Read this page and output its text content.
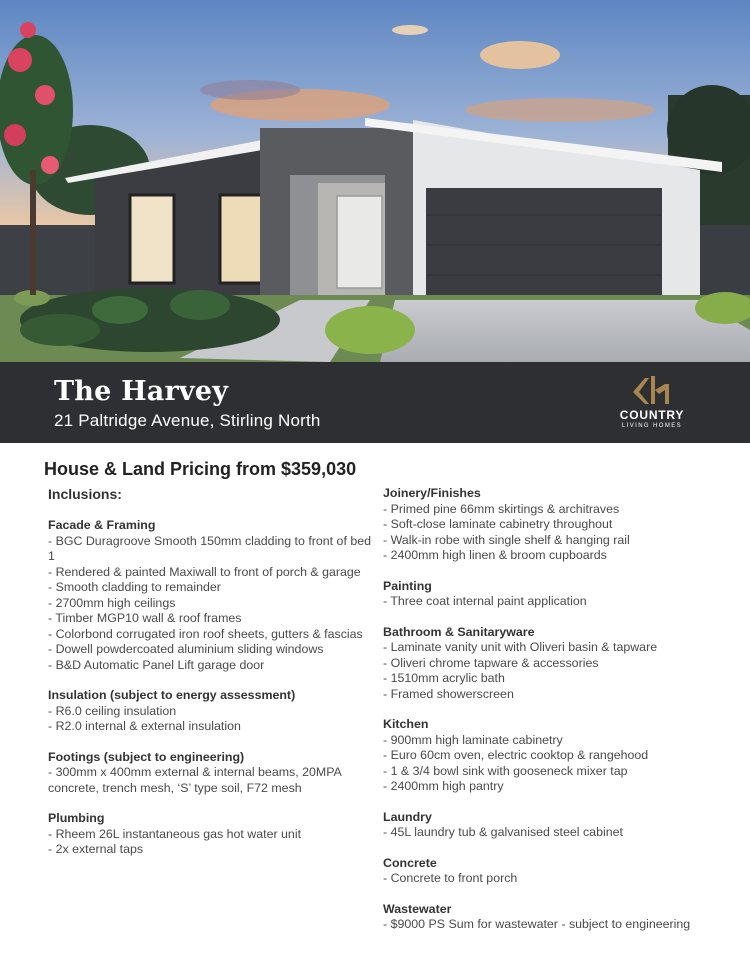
The Harvey

21 Paltridge Avenue, Stirling North	COUNTRY
LIVING HOMES
House & Land Pricing from $359,030

Inclusions:

Facade & Framing

- BGC Duragroove Smooth 150mm cladding to front of bed 1
- Rendered & painted Maxiwall to front of porch & garage
- Smooth cladding to remainder
- 2700mm high ceilings
- Timber MGP10 wall & roof frames
- Colorbond corrugated iron roof sheets, gutters & fascias
- Dowell powdercoated aluminium sliding windows
- B&D Automatic Panel Lift garage door

Insulation (subject to energy assessment)

- R6.0 ceiling insulation
- R2.0 internal & external insulation

Footings (subject to engineering)

- 300mm x 400mm external & internal beams, 20MPA concrete, trench mesh, ‘S’ type soil, F72 mesh

Plumbing

- Rheem 26L instantaneous gas hot water unit
- 2x external taps

Joinery/Finishes

- Primed pine 66mm skirtings & architraves
- Soft-close laminate cabinetry throughout
- Walk-in robe with single shelf & hanging rail
- 2400mm high linen & broom cupboards

Painting

- Three coat internal paint application

Bathroom & Sanitaryware

- Laminate vanity unit with Oliveri basin & tapware
- Oliveri chrome tapware & accessories
- 1510mm acrylic bath
- Framed showerscreen

Kitchen

- 900mm high laminate cabinetry
- Euro 60cm oven, electric cooktop & rangehood
- 1 & 3/4 bowl sink with gooseneck mixer tap
- 2400mm high pantry

Laundry

- 45L laundry tub & galvanised steel cabinet

Concrete

- Concrete to front porch

Wastewater

- $9000 PS Sum for wastewater - subject to engineering
